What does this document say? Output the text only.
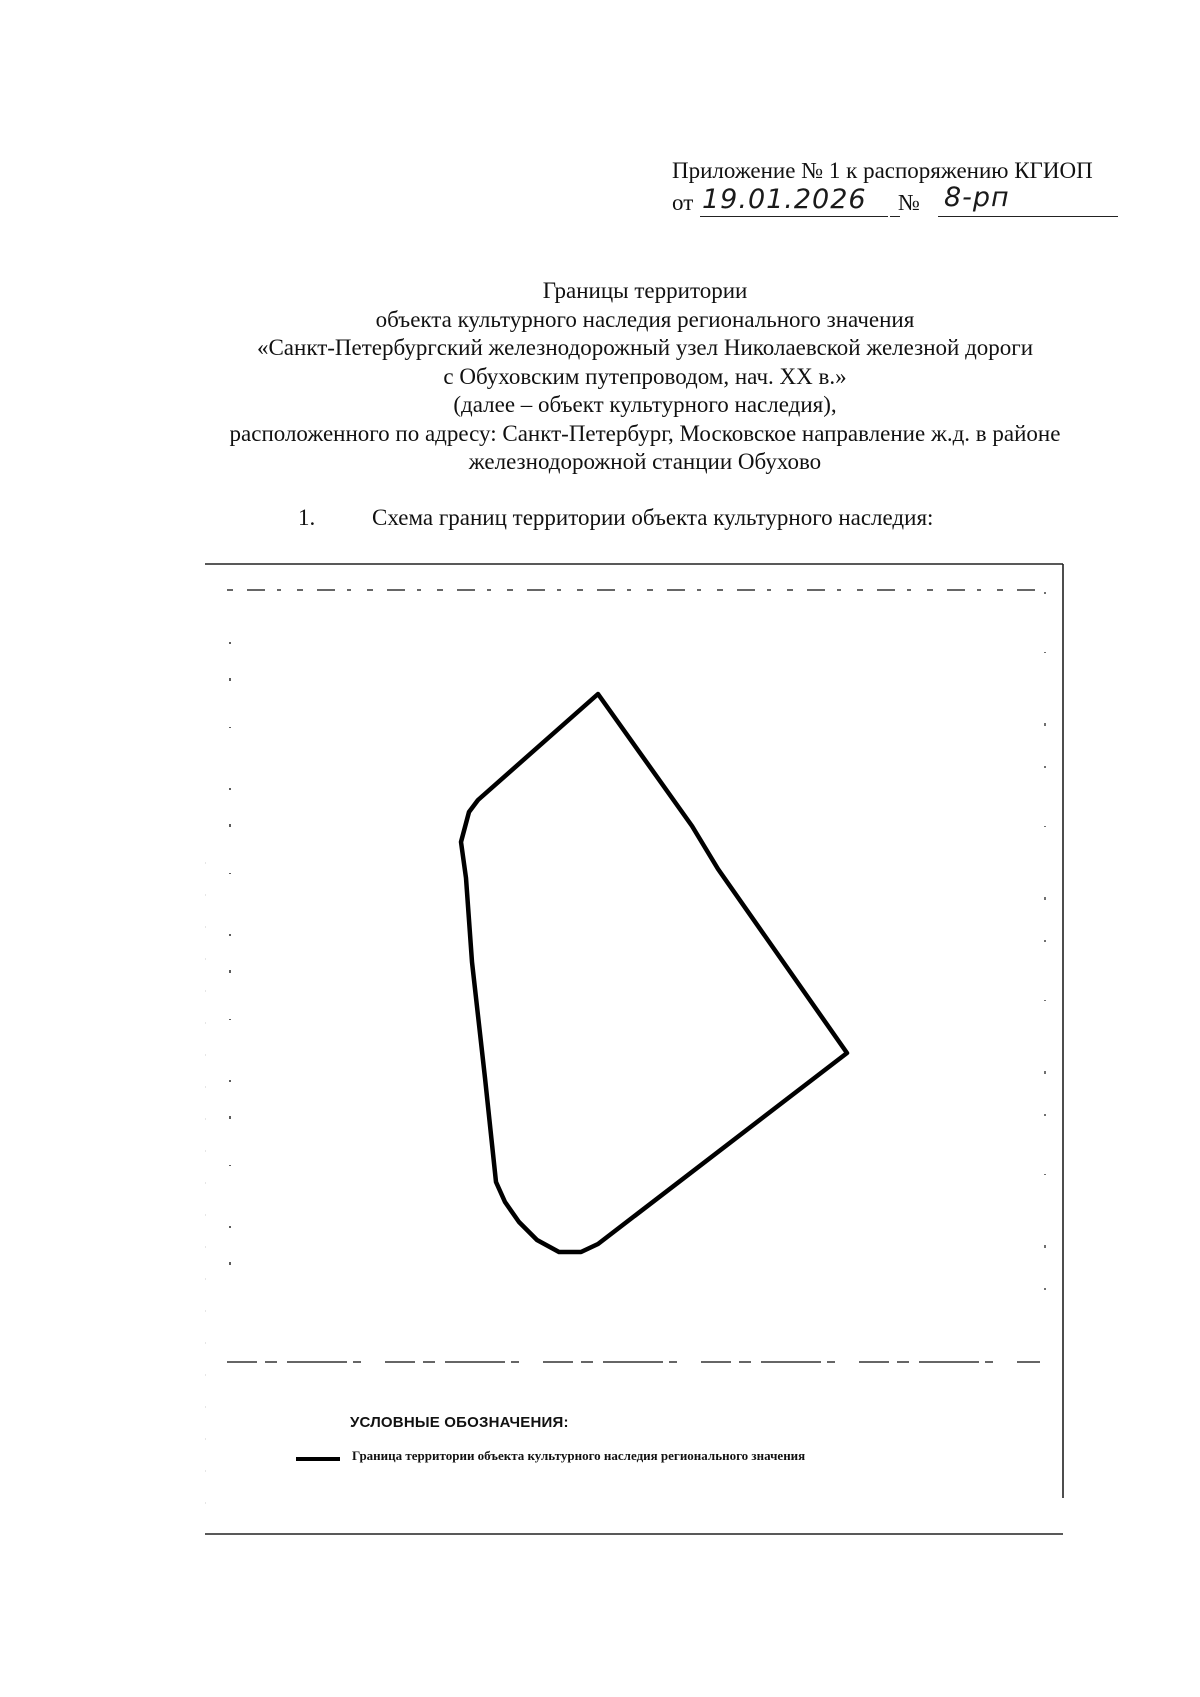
Приложение № 1 к распоряжению КГИОП
от 19.01.2026 № 8-рп
Границы территории
объекта культурного наследия регионального значения
«Санкт-Петербургский железнодорожный узел Николаевской железной дороги
с Обуховским путепроводом, нач. XX в.»
(далее – объект культурного наследия),
расположенного по адресу: Санкт-Петербург, Московское направление ж.д. в районе
железнодорожной станции Обухово
1. Схема границ территории объекта культурного наследия:
УСЛОВНЫЕ ОБОЗНАЧЕНИЯ:
Граница территории объекта культурного наследия регионального значения
